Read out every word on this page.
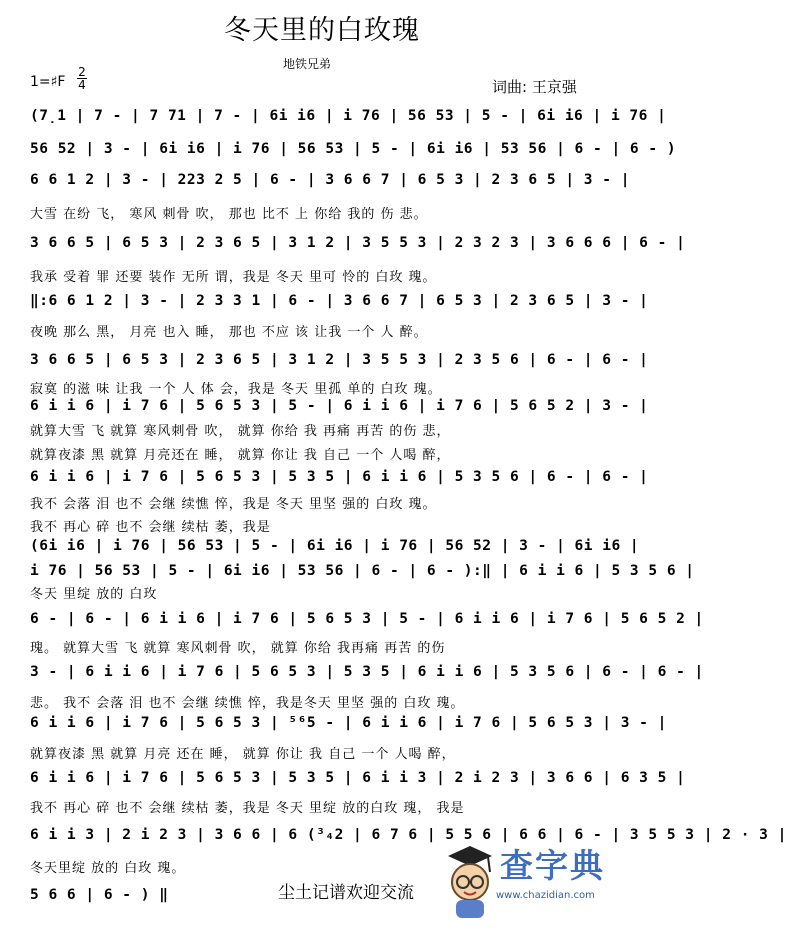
冬天里的白玫瑰
地铁兄弟
1=♯F
2
4	词曲: 王京强
(7̣1 | 7 - | 7 71 | 7 - | 6i i6 | i 76 | 56 53 | 5 - | 6i i6 | i 76 |
56 52 | 3 - | 6i i6 | i 76 | 56 53 | 5 - | 6i i6 | 53 56 | 6 - | 6 - )
6 6 1 2 | 3 - | 223 2 5 | 6 - | 3 6 6 7 | 6 5 3 | 2 3 6 5 | 3 - |
大雪 在纷 飞， 寒风 刺骨 吹， 那也 比不 上 你给 我的 伤 悲。
3 6 6 5 | 6 5 3 | 2 3 6 5 | 3 1 2 | 3 5 5 3 | 2 3 2 3 | 3 6 6 6 | 6 - |
我承 受着 罪 还要 装作 无所 谓，我是 冬天 里可 怜的 白玫 瑰。
‖:6 6 1 2 | 3 - | 2 3 3 1 | 6 - | 3 6 6 7 | 6 5 3 | 2 3 6 5 | 3 - |
夜晚 那么 黑， 月亮 也入 睡， 那也 不应 该 让我 一个 人 醉。
3 6 6 5 | 6 5 3 | 2 3 6 5 | 3 1 2 | 3 5 5 3 | 2 3 5 6 | 6 - | 6 - |
寂寞 的滋 味 让我 一个 人 体 会，我是 冬天 里孤 单的 白玫 瑰。
6 i i 6 | i 7 6 | 5 6 5 3 | 5 - | 6 i i 6 | i 7 6 | 5 6 5 2 | 3 - |
就算大雪 飞 就算 寒风刺骨 吹， 就算 你给 我 再痛 再苦 的伤 悲，
就算夜漆 黑 就算 月亮还在 睡， 就算 你让 我 自己 一个 人喝 醉，
6 i i 6 | i 7 6 | 5 6 5 3 | 5 3 5 | 6 i i 6 | 5 3 5 6 | 6 - | 6 - |
我不 会落 泪 也不 会继 续憔 悴，我是 冬天 里坚 强的 白玫 瑰。
我不 再心 碎 也不 会继 续枯 萎，我是
(6i i6 | i 76 | 56 53 | 5 - | 6i i6 | i 76 | 56 52 | 3 - | 6i i6 |
i 76 | 56 53 | 5 - | 6i i6 | 53 56 | 6 - | 6 - ):‖ | 6 i i 6 | 5 3 5 6 |
冬天 里绽 放的 白玫
6 - | 6 - | 6 i i 6 | i 7 6 | 5 6 5 3 | 5 - | 6 i i 6 | i 7 6 | 5 6 5 2 |
瑰。 就算大雪 飞 就算 寒风刺骨 吹， 就算 你给 我再痛 再苦 的伤
3 - | 6 i i 6 | i 7 6 | 5 6 5 3 | 5 3 5 | 6 i i 6 | 5 3 5 6 | 6 - | 6 - |
悲。 我不 会落 泪 也不 会继 续憔 悴，我是冬天 里坚 强的 白玫 瑰。
6 i i 6 | i 7 6 | 5 6 5 3 | ⁵⁶5 - | 6 i i 6 | i 7 6 | 5 6 5 3 | 3 - |
就算夜漆 黑 就算 月亮 还在 睡， 就算 你让 我 自己 一个 人喝 醉，
6 i i 6 | i 7 6 | 5 6 5 3 | 5 3 5 | 6 i i 3 | 2 i 2 3 | 3 6 6 | 6 3 5 |
我不 再心 碎 也不 会继 续枯 萎，我是 冬天 里绽 放的白玫 瑰， 我是
6 i i 3 | 2 i 2 3 | 3 6 6 | 6 (³₄2 | 6 7 6 | 5 5 6 | 6 6 | 6 - | 3 5 5 3 | 2 · 3 |
冬天里绽 放的 白玫 瑰。
5 6 6 | 6 - ) ‖
查字典
www.chazidian.com
尘土记谱欢迎交流
